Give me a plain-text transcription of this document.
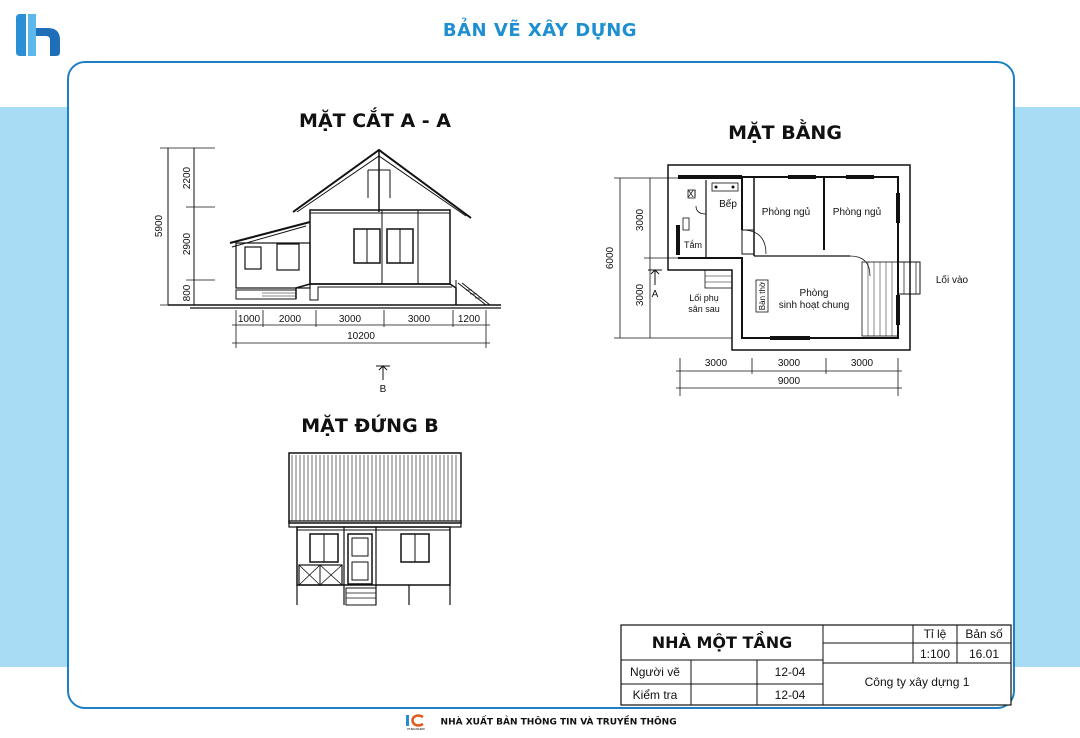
BẢN VẼ XÂY DỰNG
MẶT CẮT A - A
5900
2200
2900
800
1000 2000	3000	3000	1200
10200
B
MẶT BẰNG
6000
3000
3000
Xí
Bếp
Tắm
Phòng ngủ Phòng ngủ
Phòng
sinh hoạt chung
Bàn thờ
Lối phụ
sân sau
Lối vào
A
3000	3000	3000
9000
MẶT ĐỨNG B
NHÀ MỘT TẦNG	Tỉ lệ Bản số
1:100 16.01
Người vẽ	12-04
Kiểm tra	12-04
Công ty xây dựng 1
PUBLISHER
NHÀ XUẤT BẢN THÔNG TIN VÀ TRUYỀN THÔNG
